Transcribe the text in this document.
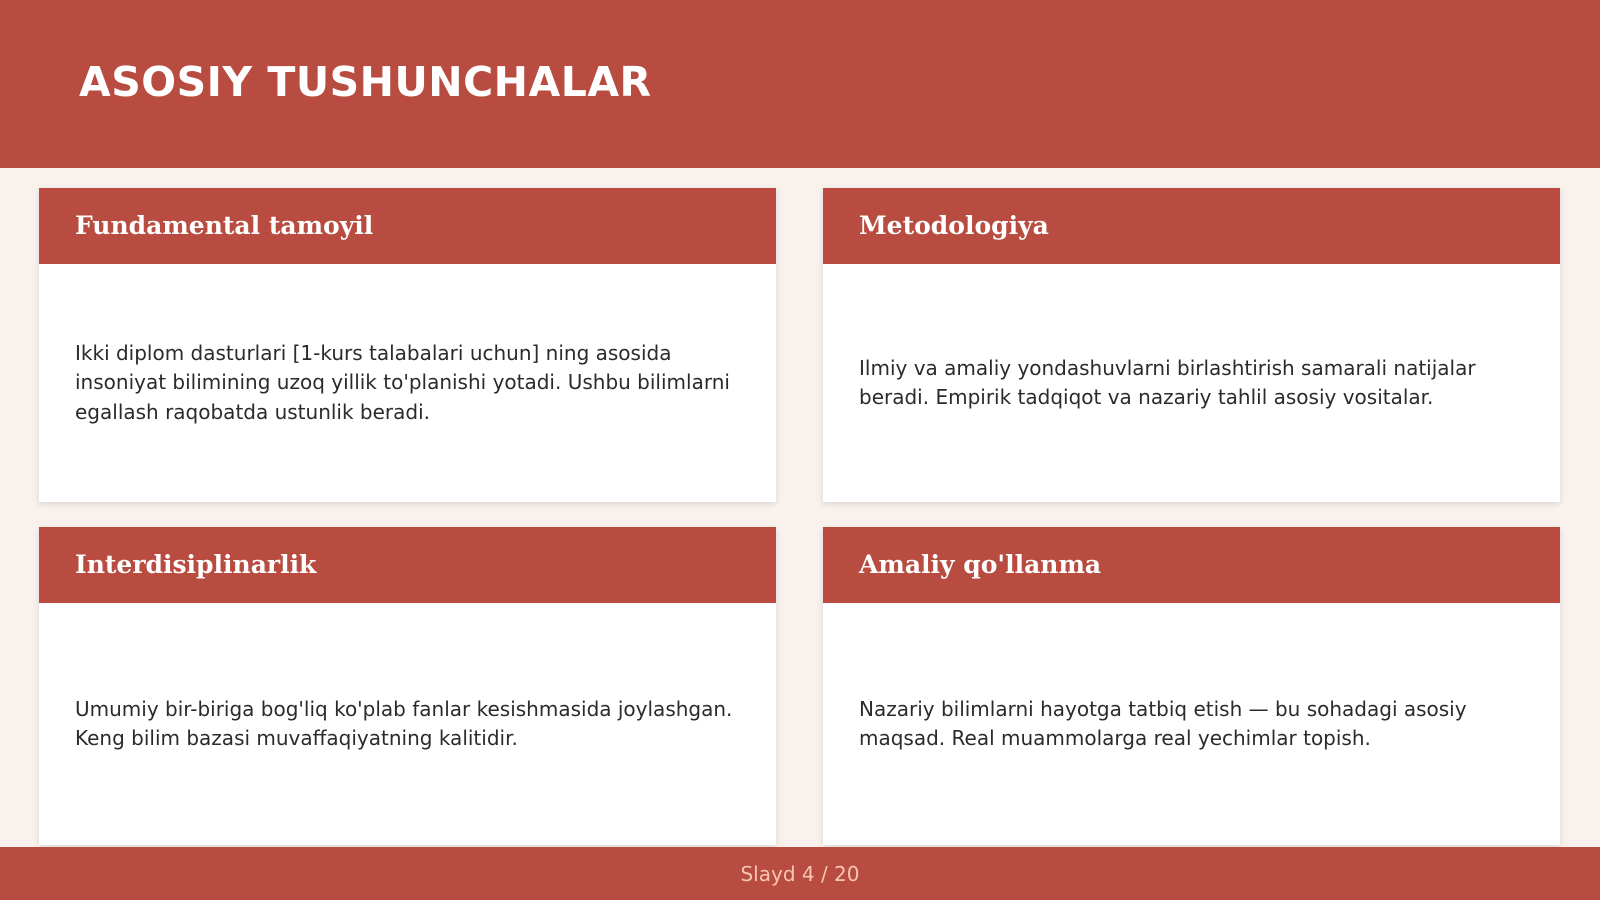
ASOSIY TUSHUNCHALAR
Fundamental tamoyil

Ikki diplom dasturlari [1-kurs talabalari uchun] ning asosida insoniyat bilimining uzoq yillik to'planishi yotadi. Ushbu bilimlarni egallash raqobatda ustunlik beradi.

Metodologiya

Ilmiy va amaliy yondashuvlarni birlashtirish samarali natijalar beradi. Empirik tadqiqot va nazariy tahlil asosiy vositalar.

Interdisiplinarlik

Umumiy bir-biriga bog'liq ko'plab fanlar kesishmasida joylashgan. Keng bilim bazasi muvaffaqiyatning kalitidir.

Amaliy qo'llanma

Nazariy bilimlarni hayotga tatbiq etish — bu sohadagi asosiy maqsad. Real muammolarga real yechimlar topish.

Slayd 4 / 20
